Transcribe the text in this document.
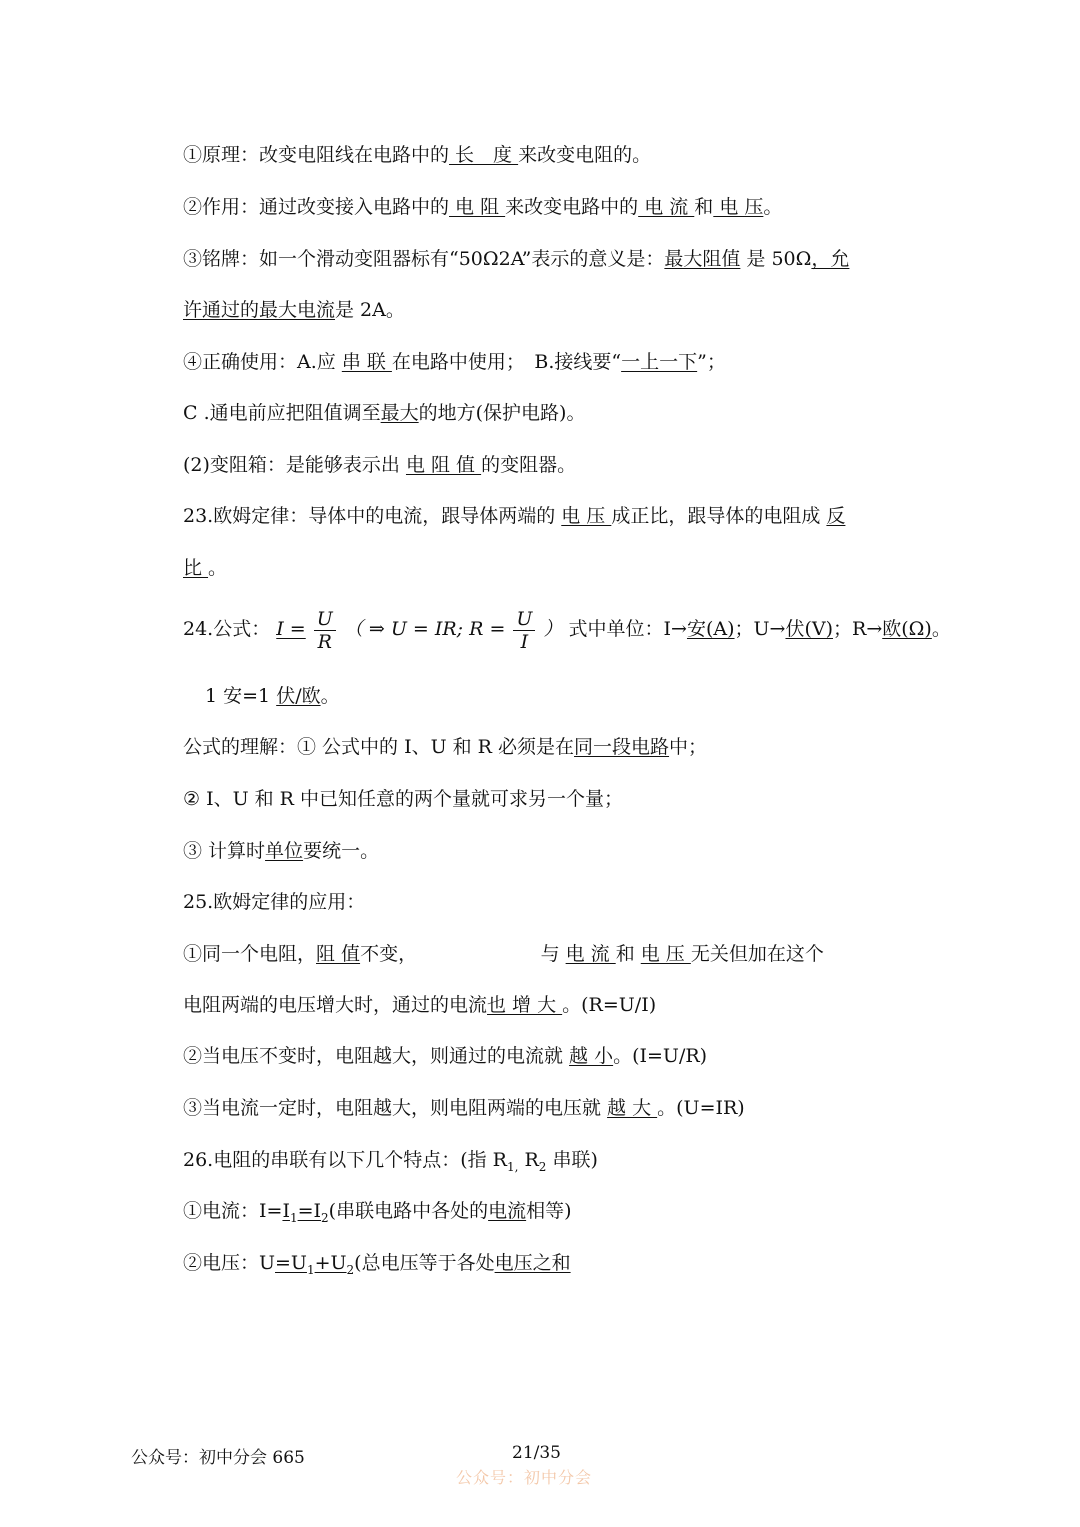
①原理：改变电阻线在电路中的 长　度 来改变电阻的。
②作用：通过改变接入电路中的 电 阻 来改变电路中的 电 流 和 电 压。
③铭牌：如一个滑动变阻器标有“50Ω2A”表示的意义是：最大阻值 是 50Ω，允
许通过的最大电流是 2A。
④正确使用：A.应 串 联 在电路中使用；　B.接线要“一上一下”；
C .通电前应把阻值调至最大的地方(保护电路)。
(2)变阻箱：是能够表示出 电 阻 值 的变阻器。
23.欧姆定律：导体中的电流，跟导体两端的 电 压 成正比，跟导体的电阻成 反
比 。
24.公式： $I = \frac{U}{R}$ （ ⇒ U = IR; $R = \frac{U}{I}$ ） 式中单位：I→安(A)；U→伏(V)；R→欧(Ω)。
1 安=1 伏/欧。
公式的理解：① 公式中的 I、U 和 R 必须是在同一段电路中；
② I、U 和 R 中已知任意的两个量就可求另一个量；
③ 计算时单位要统一。
25.欧姆定律的应用：
①同一个电阻，阻 值不变，　　　　　　　与 电 流 和 电 压 无关但加在这个
电阻两端的电压增大时，通过的电流也 增 大 。(R=U/I)
②当电压不变时，电阻越大，则通过的电流就 越 小。(I=U/R)
③当电流一定时，电阻越大，则电阻两端的电压就 越 大 。(U=IR)
26.电阻的串联有以下几个特点：(指 $R_{1,}$ $R_2$ 串联)
①电流：$I=I_1=I_2$(串联电路中各处的电流相等)
②电压：$U=U_1+U_2$(总电压等于各处电压之和
公众号：初中分会 665	21/35
公众号：初中分会
